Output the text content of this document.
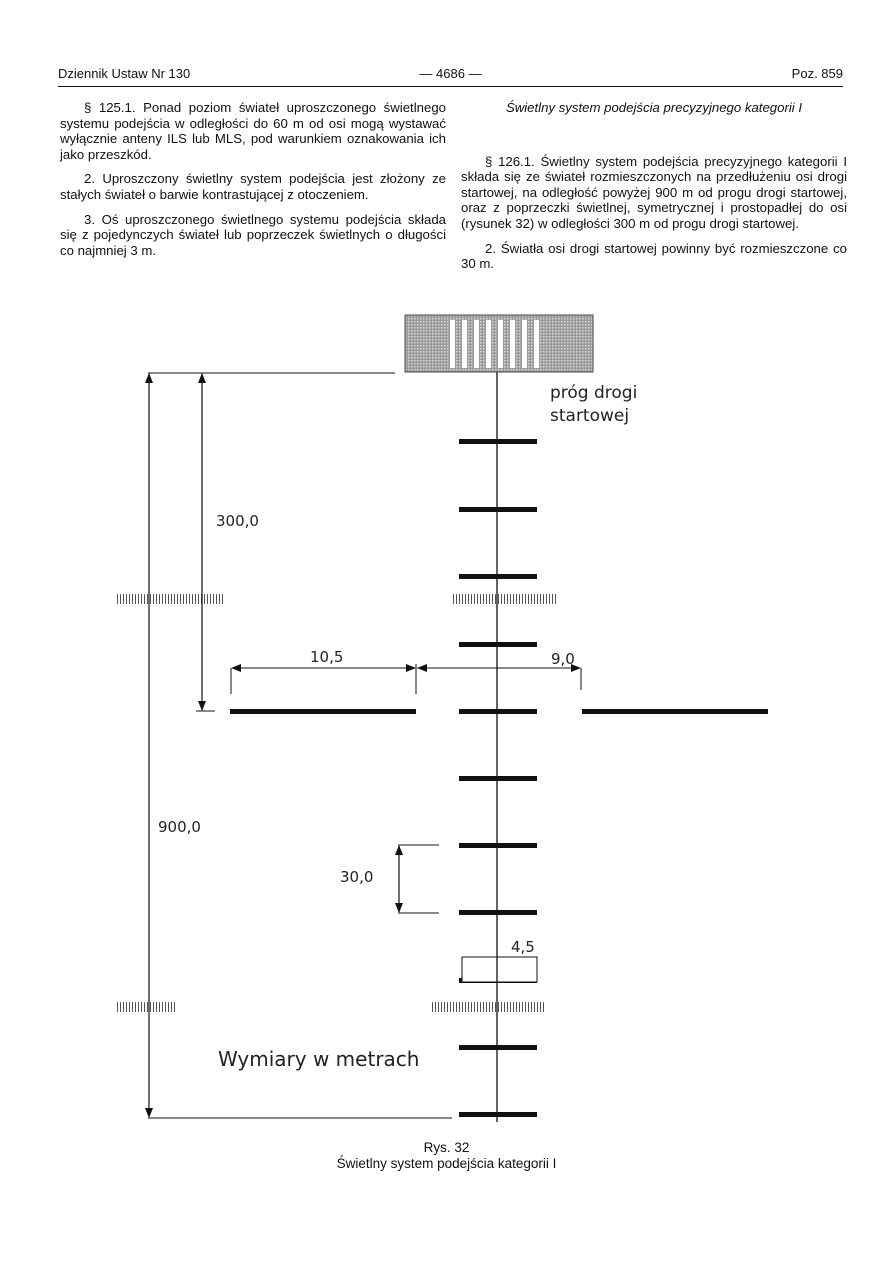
Dziennik Ustaw Nr 130	— 4686 —	Poz. 859

§ 125.1. Ponad poziom świateł uproszczonego świetlnego systemu podejścia w odległości do 60 m od osi mogą wystawać wyłącznie anteny ILS lub MLS, pod warunkiem oznakowania ich jako przeszkód.

2. Uproszczony świetlny system podejścia jest złożony ze stałych świateł o barwie kontrastującej z otoczeniem.

3. Oś uproszczonego świetlnego systemu podejścia składa się z pojedynczych świateł lub poprzeczek świetlnych o długości co najmniej 3 m.

Świetlny system podejścia precyzyjnego kategorii I

§ 126.1. Świetlny system podejścia precyzyjnego kategorii I składa się ze świateł rozmieszczonych na przedłużeniu osi drogi startowej, na odległość powyżej 900 m od progu drogi startowej, oraz z poprzeczki świetlnej, symetrycznej i prostopadłej do osi (rysunek 32) w odległości 300 m od progu drogi startowej.

2. Światła osi drogi startowej powinny być rozmieszczone co 30 m.

próg drogi
startowej
900,0
300,0
10,5	9,0
30,0
4,5
Wymiary w metrach
Rys. 32
Świetlny system podejścia kategorii I
